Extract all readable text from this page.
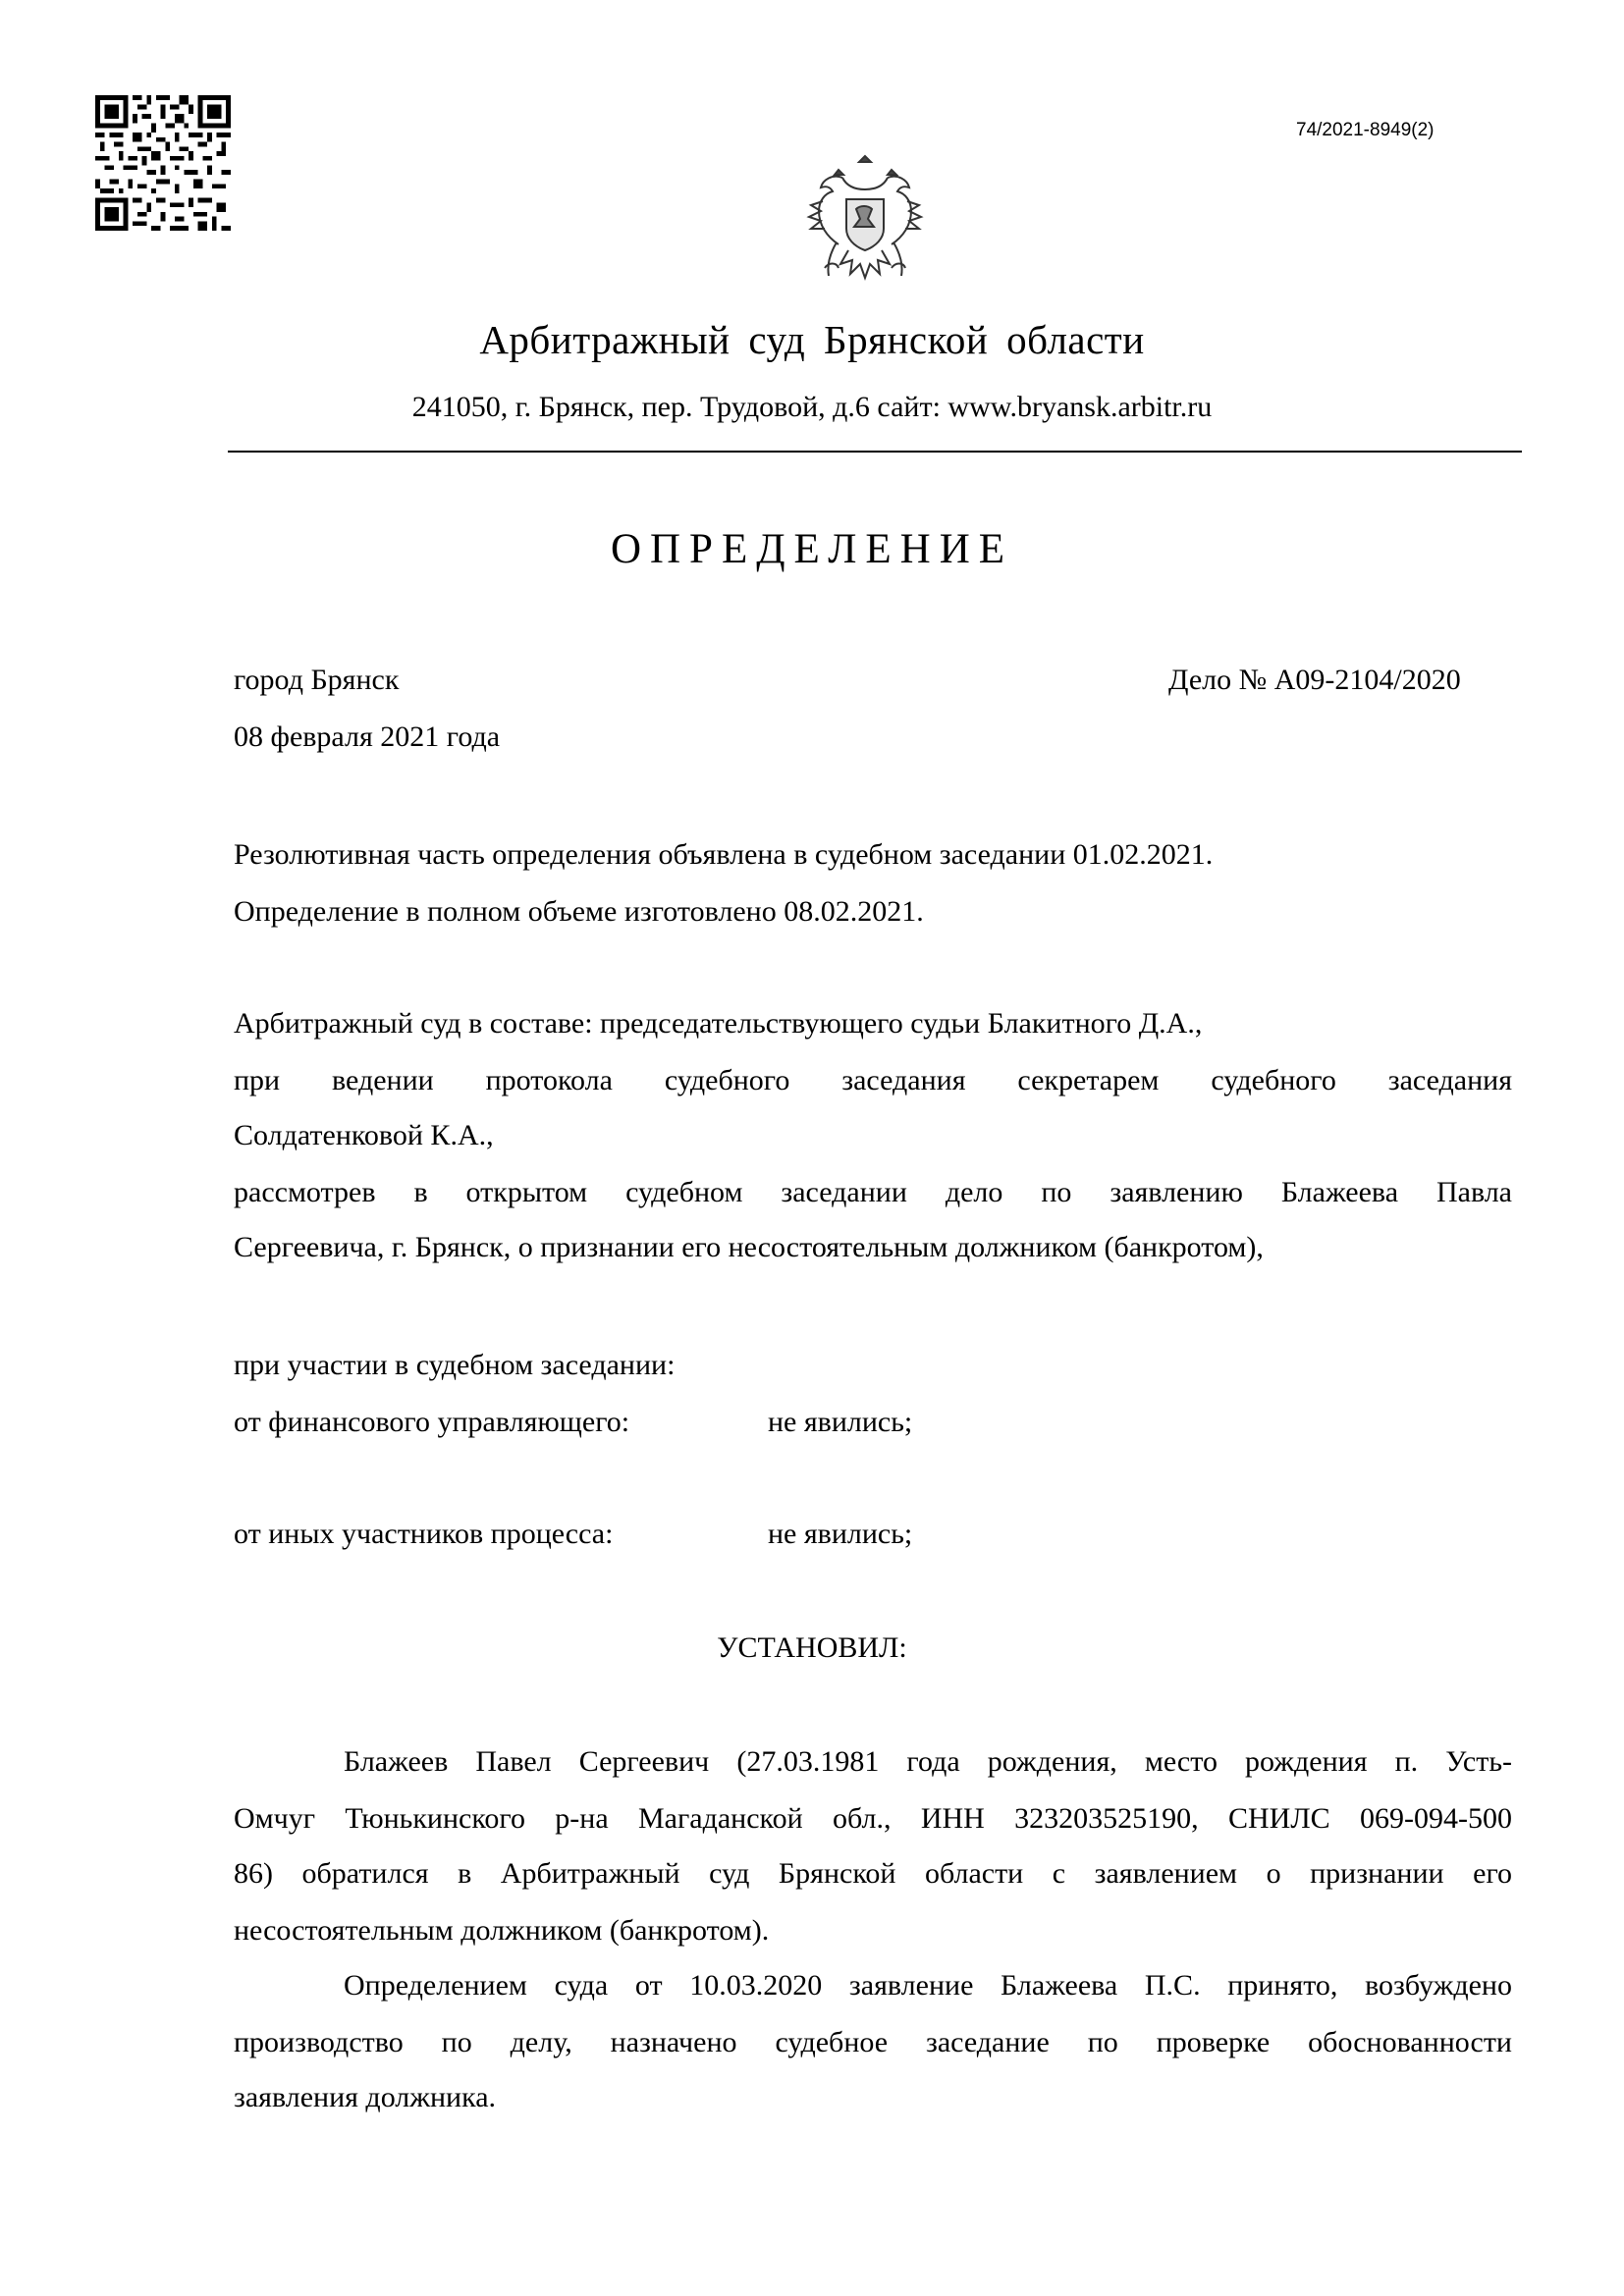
74/2021-8949(2)
Арбитражный суд Брянской области
241050, г. Брянск, пер. Трудовой, д.6 сайт: www.bryansk.arbitr.ru
ОПРЕДЕЛЕНИЕ
город Брянск	Дело № А09-2104/2020
08 февраля 2021 года
Резолютивная часть определения объявлена в судебном заседании 01.02.2021.
Определение в полном объеме изготовлено 08.02.2021.
Арбитражный суд в составе: председательствующего судьи Блакитного Д.А.,
при ведении протокола судебного заседания секретарем судебного заседания
Солдатенковой К.А.,
рассмотрев в открытом судебном заседании дело по заявлению Блажеева Павла
Сергеевича, г. Брянск, о признании его несостоятельным должником (банкротом),
при участии в судебном заседании:
от финансового управляющего:	не явились;
от иных участников процесса:	не явились;
УСТАНОВИЛ:
Блажеев Павел Сергеевич (27.03.1981 года рождения, место рождения п. Усть-
Омчуг Тюнькинского р-на Магаданской обл., ИНН 323203525190, СНИЛС 069-094-500
86) обратился в Арбитражный суд Брянской области с заявлением о признании его
несостоятельным должником (банкротом).
Определением суда от 10.03.2020 заявление Блажеева П.С. принято, возбуждено
производство по делу, назначено судебное заседание по проверке обоснованности
заявления должника.
